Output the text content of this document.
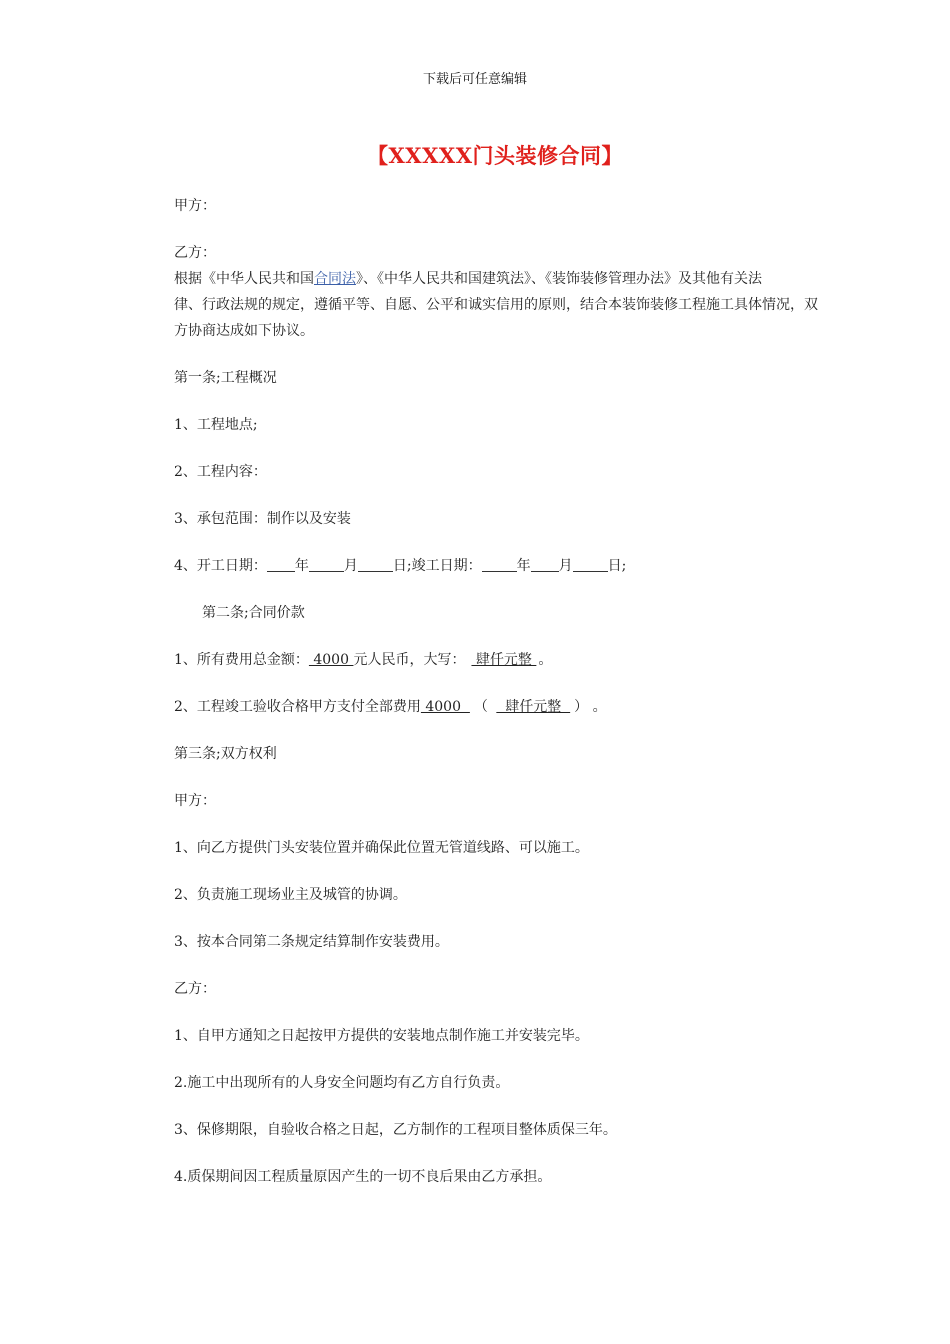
下载后可任意编辑
【XXXXX门头装修合同】

甲方：

乙方：

根据《中华人民共和国合同法》、《中华人民共和国建筑法》、《装饰装修管理办法》及其他有关法
律、行政法规的规定，遵循平等、自愿、公平和诚实信用的原则，结合本装饰装修工程施工具体情况，双
方协商达成如下协议。

第一条;工程概况

1、工程地点;

2、工程内容：

3、承包范围：制作以及安装

4、开工日期： 年	月	日;竣工日期：	年 月	日;

第二条;合同价款

1、所有费用总金额： 4000 元人民币，大写： 肆仟元整 。

2、工程竣工验收合格甲方支付全部费用 4000  （   肆仟元整  ） 。

第三条;双方权利

甲方：

1、向乙方提供门头安装位置并确保此位置无管道线路、可以施工。

2、负责施工现场业主及城管的协调。

3、按本合同第二条规定结算制作安装费用。

乙方：

1、自甲方通知之日起按甲方提供的安装地点制作施工并安装完毕。

2.施工中出现所有的人身安全问题均有乙方自行负责。

3、保修期限，自验收合格之日起，乙方制作的工程项目整体质保三年。

4.质保期间因工程质量原因产生的一切不良后果由乙方承担。
